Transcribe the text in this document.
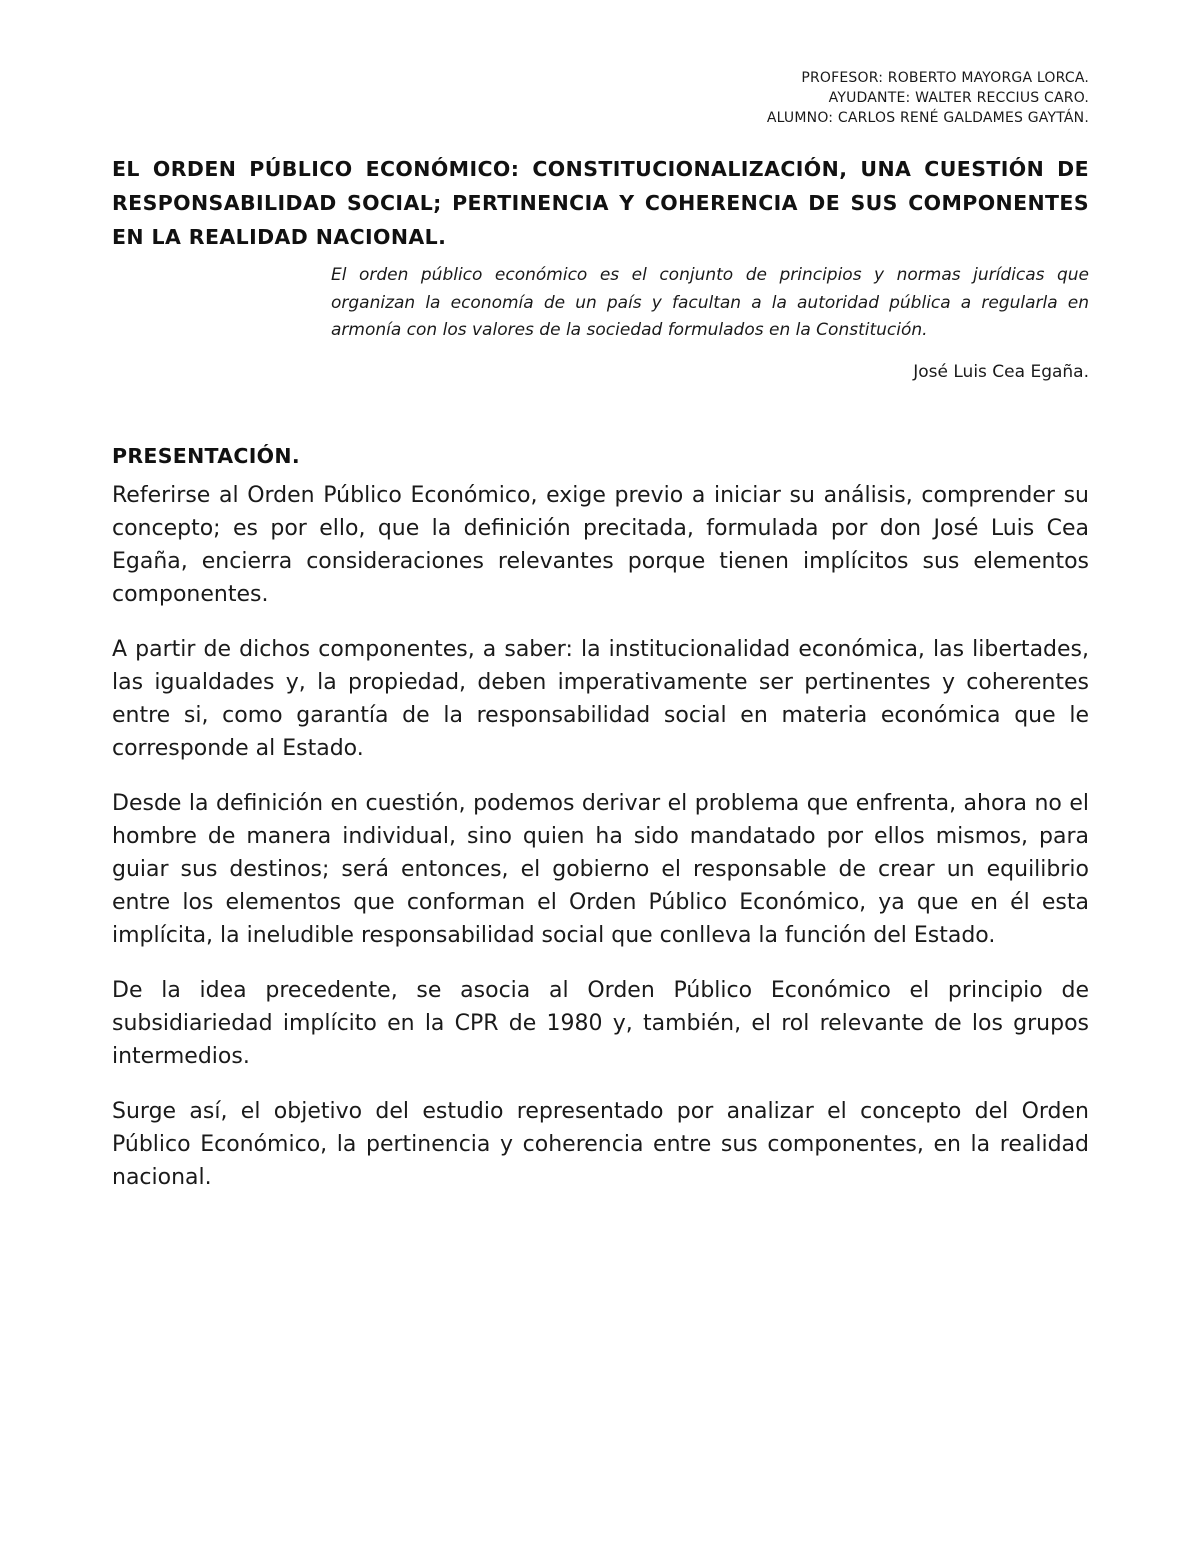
PROFESOR: ROBERTO MAYORGA LORCA.
AYUDANTE: WALTER RECCIUS CARO.
ALUMNO: CARLOS RENÉ GALDAMES GAYTÁN.
EL ORDEN PÚBLICO ECONÓMICO: CONSTITUCIONALIZACIÓN, UNA CUESTIÓN DE RESPONSABILIDAD SOCIAL; PERTINENCIA Y COHERENCIA DE SUS COMPONENTES EN LA REALIDAD NACIONAL.
El orden público económico es el conjunto de principios y normas jurídicas que organizan la economía de un país y facultan a la autoridad pública a regularla en armonía con los valores de la sociedad formulados en la Constitución.
José Luis Cea Egaña.
PRESENTACIÓN.

Referirse al Orden Público Económico, exige previo a iniciar su análisis, comprender su concepto; es por ello, que la definición precitada, formulada por don José Luis Cea Egaña, encierra consideraciones relevantes porque tienen implícitos sus elementos componentes.

A partir de dichos componentes, a saber: la institucionalidad económica, las libertades, las igualdades y, la propiedad, deben imperativamente ser pertinentes y coherentes entre si, como garantía de la responsabilidad social en materia económica que le corresponde al Estado.

Desde la definición en cuestión, podemos derivar el problema que enfrenta, ahora no el hombre de manera individual, sino quien ha sido mandatado por ellos mismos, para guiar sus destinos; será entonces, el gobierno el responsable de crear un equilibrio entre los elementos que conforman el Orden Público Económico, ya que en él esta implícita, la ineludible responsabilidad social que conlleva la función del Estado.

De la idea precedente, se asocia al Orden Público Económico el principio de subsidiariedad implícito en la CPR de 1980 y, también, el rol relevante de los grupos intermedios.

Surge así, el objetivo del estudio representado por analizar el concepto del Orden Público Económico, la pertinencia y coherencia entre sus componentes, en la realidad nacional.
